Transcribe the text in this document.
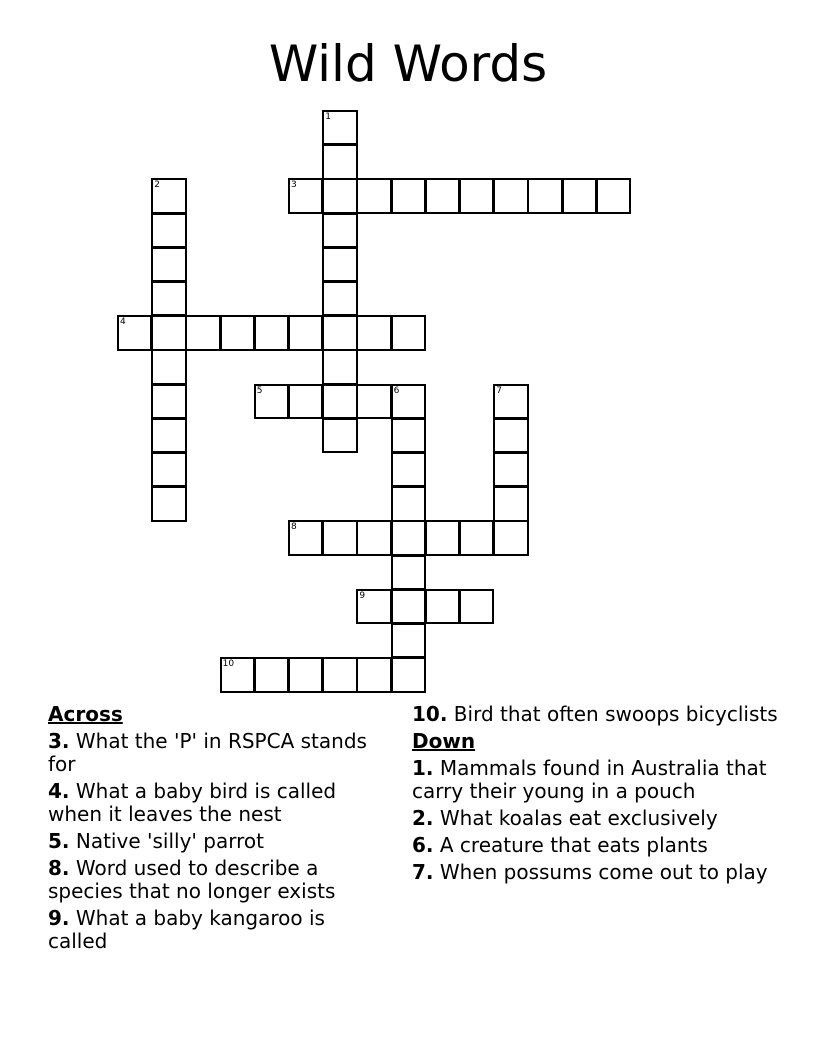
Wild Words
1
2	3
4
5	6	7
8
9
10
Across
3. What the 'P' in RSPCA stands for
4. What a baby bird is called when it leaves the nest
5. Native 'silly' parrot
8. Word used to describe a species that no longer exists
9. What a baby kangaroo is called
10. Bird that often swoops bicyclists
Down
1. Mammals found in Australia that carry their young in a pouch
2. What koalas eat exclusively
6. A creature that eats plants
7. When possums come out to play
